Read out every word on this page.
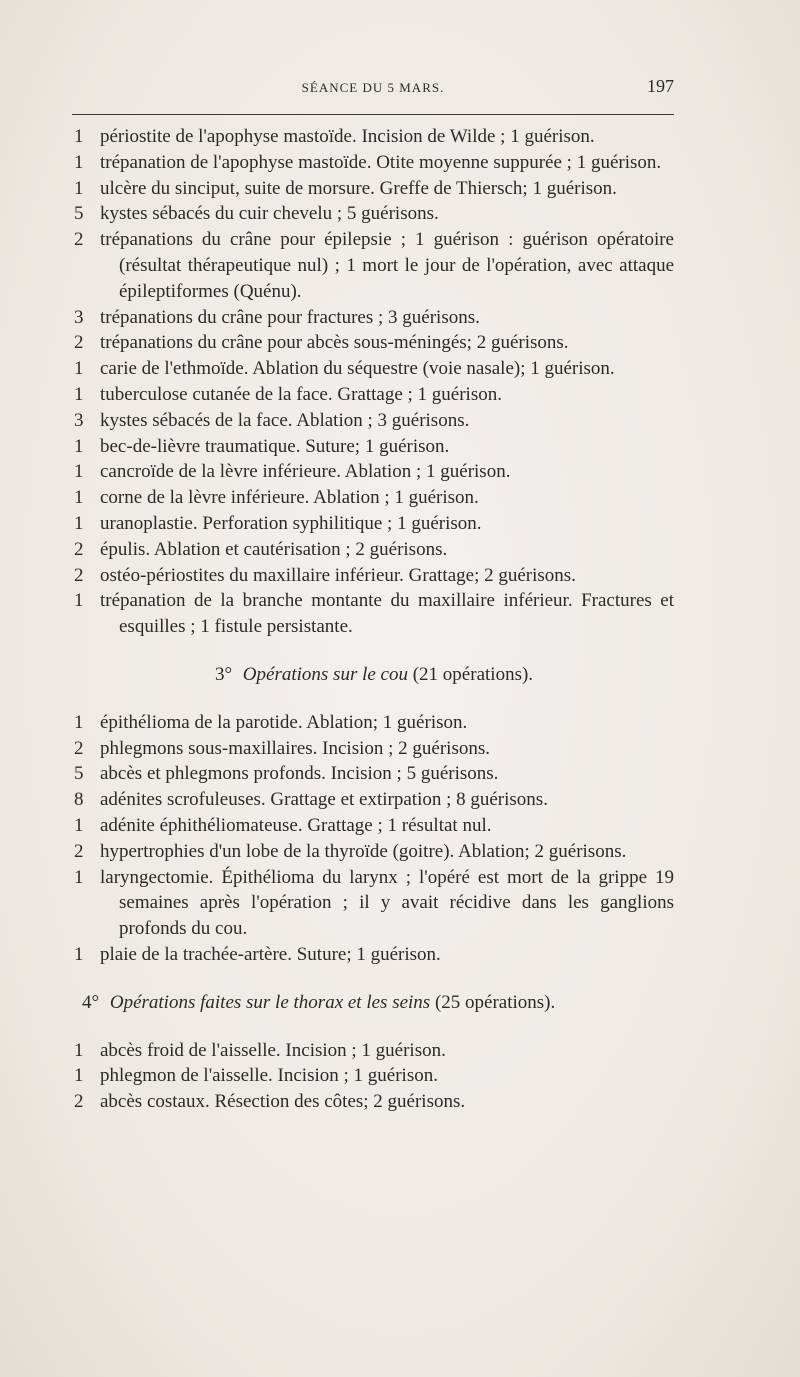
SÉANCE DU 5 MARS.	197
1 périostite de l'apophyse mastoïde. Incision de Wilde ; 1 guérison.
1 trépanation de l'apophyse mastoïde. Otite moyenne suppurée ; 1 guérison.
1 ulcère du sinciput, suite de morsure. Greffe de Thiersch; 1 guérison.
5 kystes sébacés du cuir chevelu ; 5 guérisons.
2 trépanations du crâne pour épilepsie ; 1 guérison : guérison opératoire (résultat thérapeutique nul) ; 1 mort le jour de l'opération, avec attaque épileptiformes (Quénu).
3 trépanations du crâne pour fractures ; 3 guérisons.
2 trépanations du crâne pour abcès sous-méningés; 2 guérisons.
1 carie de l'ethmoïde. Ablation du séquestre (voie nasale); 1 guérison.
1 tuberculose cutanée de la face. Grattage ; 1 guérison.
3 kystes sébacés de la face. Ablation ; 3 guérisons.
1 bec-de-lièvre traumatique. Suture; 1 guérison.
1 cancroïde de la lèvre inférieure. Ablation ; 1 guérison.
1 corne de la lèvre inférieure. Ablation ; 1 guérison.
1 uranoplastie. Perforation syphilitique ; 1 guérison.
2 épulis. Ablation et cautérisation ; 2 guérisons.
2 ostéo-périostites du maxillaire inférieur. Grattage; 2 guérisons.
1 trépanation de la branche montante du maxillaire inférieur. Fractures et esquilles ; 1 fistule persistante.
3° Opérations sur le cou (21 opérations).
1 épithélioma de la parotide. Ablation; 1 guérison.
2 phlegmons sous-maxillaires. Incision ; 2 guérisons.
5 abcès et phlegmons profonds. Incision ; 5 guérisons.
8 adénites scrofuleuses. Grattage et extirpation ; 8 guérisons.
1 adénite éphithéliomateuse. Grattage ; 1 résultat nul.
2 hypertrophies d'un lobe de la thyroïde (goitre). Ablation; 2 guérisons.
1 laryngectomie. Épithélioma du larynx ; l'opéré est mort de la grippe 19 semaines après l'opération ; il y avait récidive dans les ganglions profonds du cou.
1 plaie de la trachée-artère. Suture; 1 guérison.
4° Opérations faites sur le thorax et les seins (25 opérations).
1 abcès froid de l'aisselle. Incision ; 1 guérison.
1 phlegmon de l'aisselle. Incision ; 1 guérison.
2 abcès costaux. Résection des côtes; 2 guérisons.
